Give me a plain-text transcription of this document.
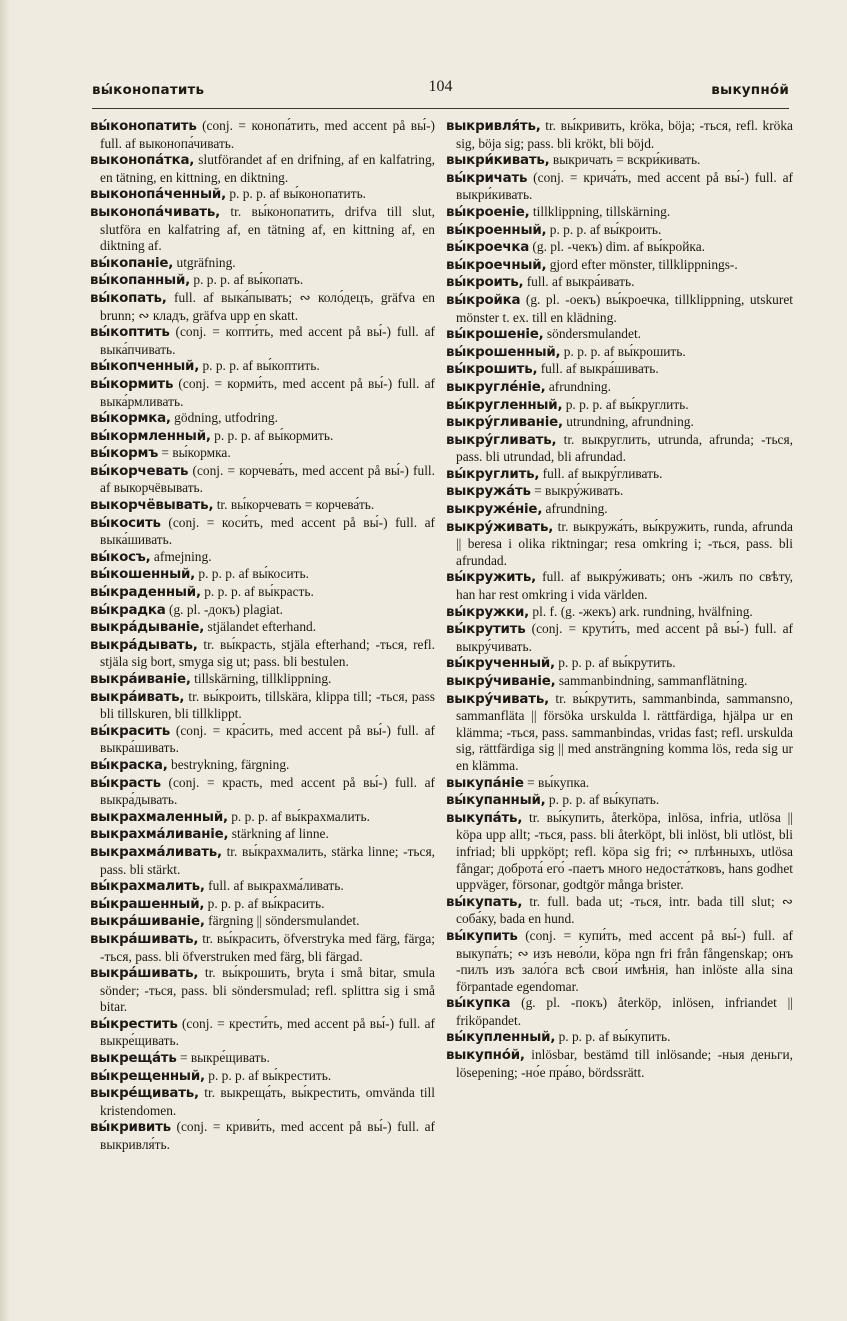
вы́конопатить	104	выкупно́й

вы́конопатить (conj. = конопа́тить, med accent på вы́-) full. af выконопа́чивать.

выконопа́тка, slutförandet af en drifning, af en kalfatring, en tätning, en kittning, en diktning.

выконопа́ченный, p. p. p. af вы́конопатить.

выконопа́чивать, tr. вы́конопатить, drifva till slut, slutföra en kalfatring af, en tätning af, en kittning af, en diktning af.

вы́копаніе, utgräfning.

вы́копанный, p. p. p. af вы́копать.

вы́копать, full. af выка́пывать; ∾ коло́децъ, gräfva en brunn; ∾ кладъ, gräfva upp en skatt.

вы́коптить (conj. = копти́ть, med accent på вы́-) full. af выка́пчивать.

вы́копченный, p. p. p. af вы́коптить.

вы́кормить (conj. = корми́ть, med accent på вы́-) full. af выка́рмливать.

вы́кормка, gödning, utfodring.

вы́кормленный, p. p. p. af вы́кормить.

вы́кормъ = вы́кормка.

вы́корчевать (conj. = корчева́ть, med accent på вы́-) full. af выкорчёвывать.

выкорчёвывать, tr. вы́корчевать = корчева́ть.

вы́косить (conj. = коси́ть, med accent på вы́-) full. af выка́шивать.

вы́косъ, afmejning.

вы́кошенный, p. p. p. af вы́косить.

вы́краденный, p. p. p. af вы́красть.

вы́кpадка (g. pl. -докъ) plagiat.

выкра́дываніе, stjälandet efterhand.

выкра́дывать, tr. вы́красть, stjäla efterhand; -ться, refl. stjäla sig bort, smyga sig ut; pass. bli bestulen.

выкра́иваніе, tillskärning, tillklippning.

выкра́ивать, tr. вы́кроить, tillskära, klippa till; -ться, pass bli tillskuren, bli tillklippt.

вы́красить (conj. = кра́сить, med accent på вы́-) full. af выкра́шивать.

вы́краска, bestrykning, färgning.

вы́красть (conj. = красть, med accent på вы́-) full. af выкра́дывать.

выкрахмаленный, p. p. p. af вы́крахмалить.

выкрахма́ливаніе, stärkning af linne.

выкрахма́ливать, tr. вы́крахмалить, stärka linne; -ться, pass. bli stärkt.

вы́крахмалить, full. af выкрахма́ливать.

вы́крашенный, p. p. p. af вы́красить.

выкра́шиваніе, färgning || söndersmulandet.

выкра́шивать, tr. вы́красить, öfverstryka med färg, färga; -ться, pass. bli öfverstruken med färg, bli färgad.

выкра́шивать, tr. вы́крошить, bryta i små bitar, smula sönder; -ться, pass. bli söndersmulad; refl. splittra sig i små bitar.

вы́крестить (conj. = крести́ть, med accent på вы́-) full. af выкре́щивать.

выкреща́ть = выкре́щивать.

вы́крещенный, p. p. p. af вы́крестить.

выкре́щивать, tr. выкреща́ть, вы́крестить, omvända till kristendomen.

вы́кривить (conj. = криви́ть, med accent på вы́-) full. af выкривля́ть.

выкривля́ть, tr. вы́кривить, kröka, böja; -ться, refl. kröka sig, böja sig; pass. bli krökt, bli böjd.

выкри́кивать, выкричать = вскри́кивать.

вы́кричать (conj. = крича́ть, med accent på вы́-) full. af выкри́кивать.

вы́кроеніе, tillklippning, tillskärning.

вы́кроенный, p. p. p. af вы́кроить.

вы́кроечка (g. pl. -чекъ) dim. af вы́кройка.

вы́кроечный, gjord efter mönster, tillklippnings-.

вы́кроить, full. af выкра́ивать.

вы́кройка (g. pl. -оекъ) вы́кроечка, tillklippning, utskuret mönster t. ex. till en klädning.

вы́крошеніе, söndersmulandet.

вы́крошенный, p. p. p. af вы́крошить.

вы́крошить, full. af выкра́шивать.

выкругле́ніе, afrundning.

вы́кругленный, p. p. p. af вы́круглить.

выкру́гливаніе, utrundning, afrundning.

выкру́гливать, tr. выкруглить, utrunda, afrunda; -ться, pass. bli utrundad, bli afrundad.

вы́круглить, full. af выкру́гливать.

выкружа́ть = выкру́живать.

выкруже́ніе, afrundning.

выкру́живать, tr. выкружа́ть, вы́кружить, runda, afrunda || beresa i olika riktningar; resa omkring i; -ться, pass. bli afrundad.

вы́кружить, full. af выкру́живать; онъ -жилъ по свѣту, han har rest omkring i vida världen.

вы́кружки, pl. f. (g. -жекъ) ark. rundning, hvälfning.

вы́крутить (conj. = крути́ть, med accent på вы́-) full. af выкру́чивать.

вы́крученный, p. p. p. af вы́крутить.

выкру́чиваніе, sammanbindning, sammanflätning.

выкру́чивать, tr. вы́крутить, sammanbinda, sammansno, sammanfläta || försöka urskulda l. rättfärdiga, hjälpa ur en klämma; -ться, pass. sammanbindas, vridas fast; refl. urskulda sig, rättfärdiga sig || med ansträngning komma lös, reda sig ur en klämma.

выкупа́ніе = вы́купка.

вы́купанный, p. p. p. af вы́купать.

выкупа́ть, tr. вы́купить, återköpa, inlösa, infria, utlösa || köpa upp allt; -ться, pass. bli återköpt, bli inlöst, bli utlöst, bli infriad; bli uppköpt; refl. köpa sig fri; ∾ плѣнныхъ, utlösa fångar; доброта́ его́ -паетъ много недоста́тковъ, hans godhet uppväger, försonar, godtgör många brister.

вы́купать, tr. full. bada ut; -ться, intr. bada till slut; ∾ соба́ку, bada en hund.

вы́купить (conj. = купи́ть, med accent på вы́-) full. af выкупа́ть; ∾ изъ нево́ли, köpa ngn fri från fångenskap; онъ -пилъ изъ зало́га всѣ свои́ имѣнія, han inlöste alla sina förpantade egendomar.

вы́купка (g. pl. -покъ) återköp, inlösen, infriandet || friköpandet.

вы́купленный, p. p. p. af вы́купить.

выкупно́й, inlösbar, bestämd till inlösande; -ныя деньги, lösepening; -но́е пра́во, bördssrätt.
